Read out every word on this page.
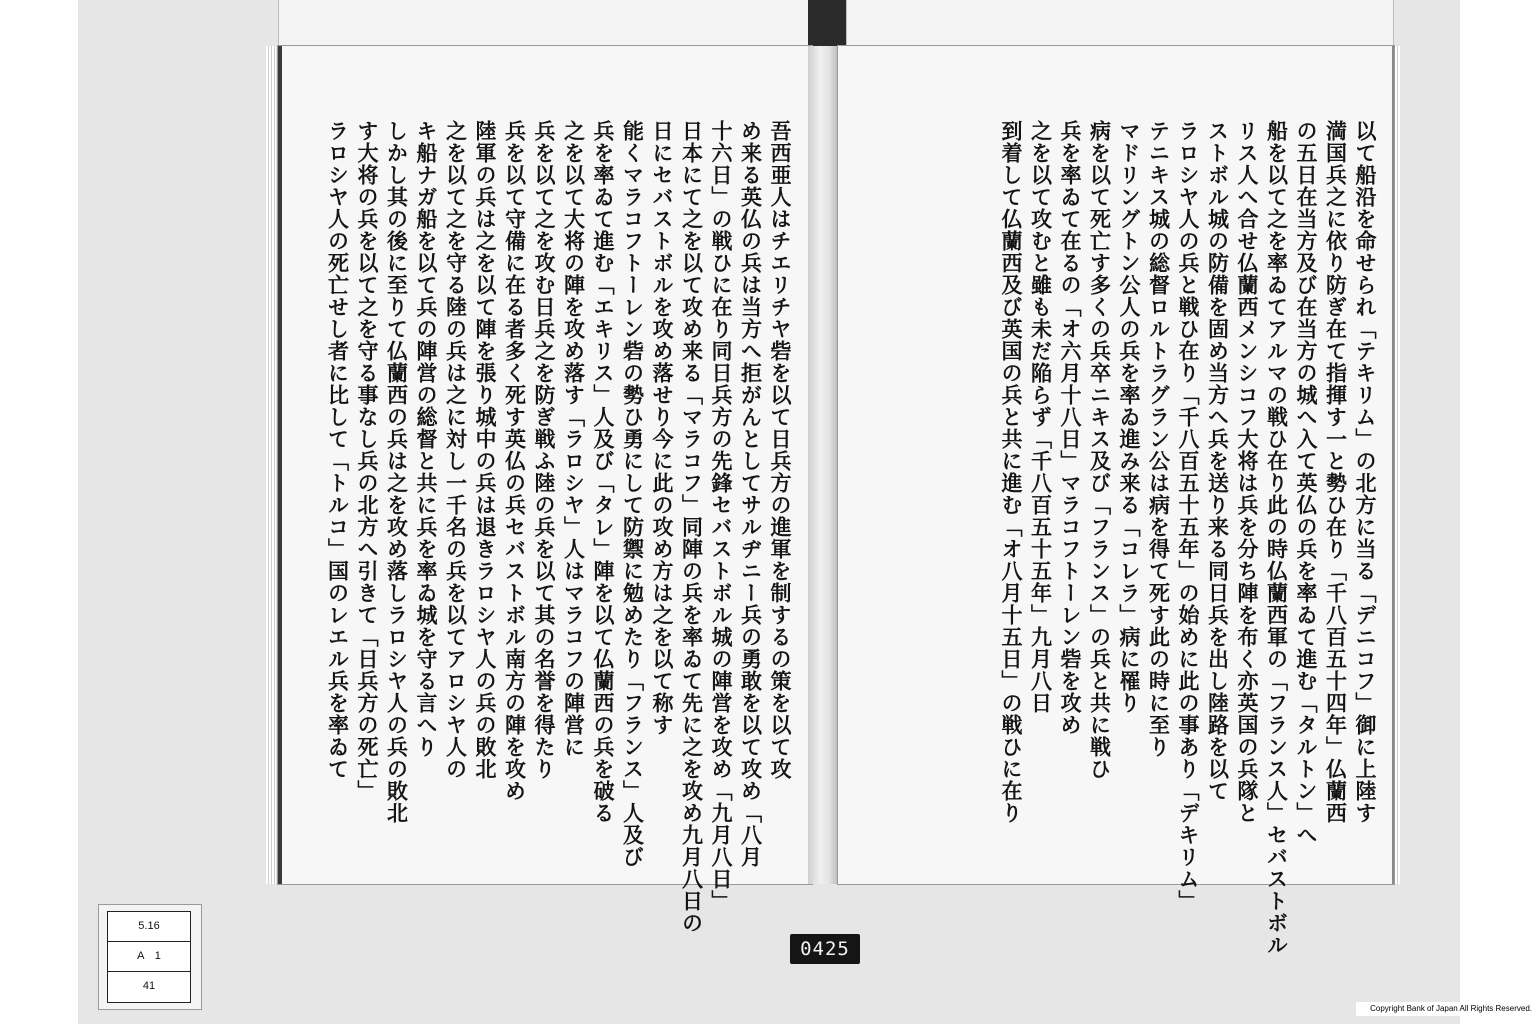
以て船沿を命せられ「テキリム」の北方に当る「デニコフ」御に上陸す
満国兵之に依り防ぎ在て指揮す一と勢ひ在り「千八百五十四年」仏蘭西
の五日在当方及び在当方の城へ入て英仏の兵を率ゐて進む「タルトン」へ
船を以て之を率ゐてアルマの戦ひ在り此の時仏蘭西軍の「フランス人」セバストボル
リス人へ合せ仏蘭西メンシコフ大将は兵を分ち陣を布く亦英国の兵隊と
ストボル城の防備を固め当方へ兵を送り来る同日兵を出し陸路を以て
ラロシヤ人の兵と戦ひ在り「千八百五十五年」の始めに此の事あり「デキリム」
テニキス城の総督ロルトラグラン公は病を得て死す此の時に至り
マドリングトン公人の兵を率ゐ進み来る「コレラ」病に罹り
病を以て死亡す多くの兵卒ニキス及び「フランス」の兵と共に戦ひ
兵を率ゐて在るの「オ六月十八日」マラコフトーレン砦を攻め
之を以て攻むと雖も未だ陥らず「千八百五十五年」九月八日
到着して仏蘭西及び英国の兵と共に進む「オ八月十五日」の戦ひに在り
吾西亜人はチエリチヤ砦を以て日兵方の進軍を制するの策を以て攻
め来る英仏の兵は当方へ拒がんとしてサルヂニー兵の勇敢を以て攻め「八月
十六日」の戦ひに在り同日兵方の先鋒セバストボル城の陣営を攻め「九月八日」
日本にて之を以て攻め来る「マラコフ」同陣の兵を率ゐて先に之を攻め九月八日の
日にセバストボルを攻め落せり今に此の攻め方は之を以て称す
能くマラコフトーレン砦の勢ひ勇にして防禦に勉めたり「フランス」人及び
兵を率ゐて進む「エキリス」人及び「タレ」陣を以て仏蘭西の兵を破る
之を以て大将の陣を攻め落す「ラロシヤ」人はマラコフの陣営に
兵を以て之を攻む日兵之を防ぎ戦ふ陸の兵を以て其の名誉を得たり
兵を以て守備に在る者多く死す英仏の兵セバストボル南方の陣を攻め
陸軍の兵は之を以て陣を張り城中の兵は退きラロシヤ人の兵の敗北
之を以て之を守る陸の兵は之に対し一千名の兵を以てアロシヤ人の
キ船ナガ船を以て兵の陣営の総督と共に兵を率ゐ城を守る言へり
しかし其の後に至りて仏蘭西の兵は之を攻め落しラロシヤ人の兵の敗北
す大将の兵を以て之を守る事なし兵の北方へ引きて「日兵方の死亡」
ラロシヤ人の死亡せし者に比して「トルコ」国のレエル兵を率ゐて
5.16
A　1
41
0425
Copyright Bank of Japan All Rights Reserved.
